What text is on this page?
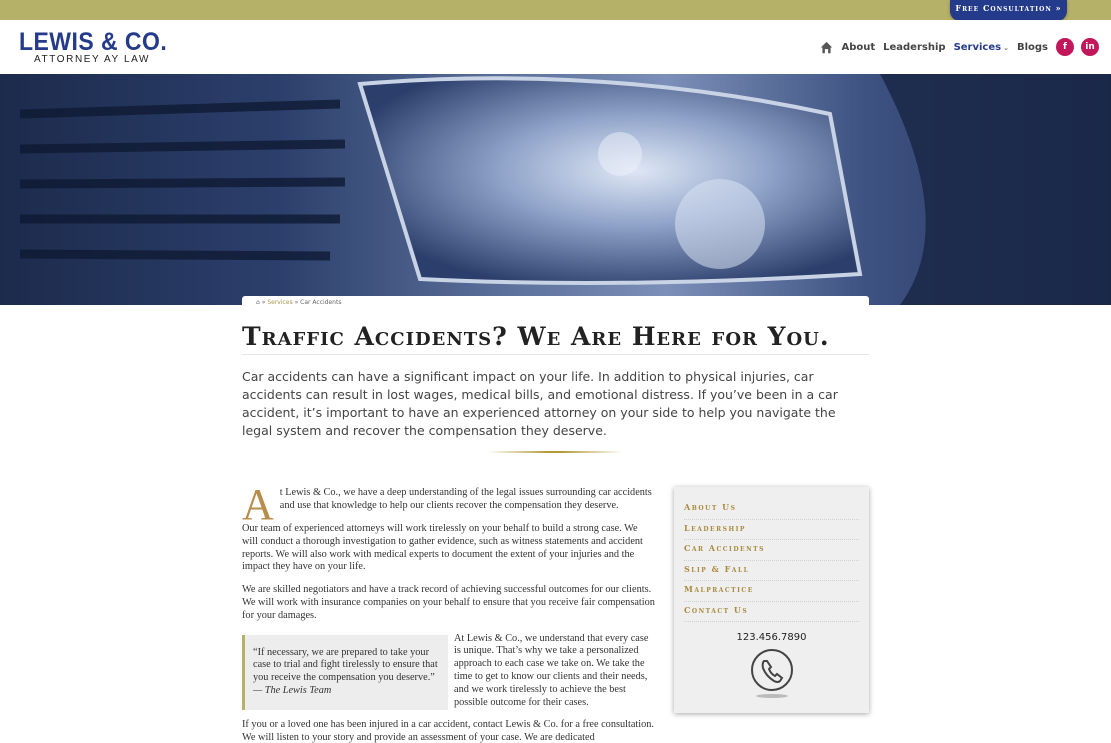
Free Consultation »
LEWIS & CO.
ATTORNEY AY LAW
About Leadership Services ⌄ Blogs	f	in
⌂ » Services » Car Accidents
Traffic Accidents? We Are Here for You.

Car accidents can have a significant impact on your life. In addition to physical injuries, car accidents can result in lost wages, medical bills, and emotional distress. If you’ve been in a car accident, it’s important to have an experienced attorney on your side to help you navigate the legal system and recover the compensation they deserve.

At Lewis & Co., we have a deep understanding of the legal issues surrounding car accidents and use that knowledge to help our clients recover the compensation they deserve.

Our team of experienced attorneys will work tirelessly on your behalf to build a strong case. We will conduct a thorough investigation to gather evidence, such as witness statements and accident reports. We will also work with medical experts to document the extent of your injuries and the impact they have on your life.

We are skilled negotiators and have a track record of achieving successful outcomes for our clients. We will work with insurance companies on your behalf to ensure that you receive fair compensation for your damages.

“If necessary, we are prepared to take your case to trial and fight tirelessly to ensure that you receive the compensation you deserve.”
— The Lewis Team

At Lewis & Co., we understand that every case is unique. That’s why we take a personalized approach to each case we take on. We take the time to get to know our clients and their needs, and we work tirelessly to achieve the best possible outcome for their cases.

If you or a loved one has been injured in a car accident, contact Lewis & Co. for a free consultation. We will listen to your story and provide an assessment of your case. We are dedicated

About Us
Leadership
Car Accidents
Slip & Fall
Malpractice
Contact Us
123.456.7890
